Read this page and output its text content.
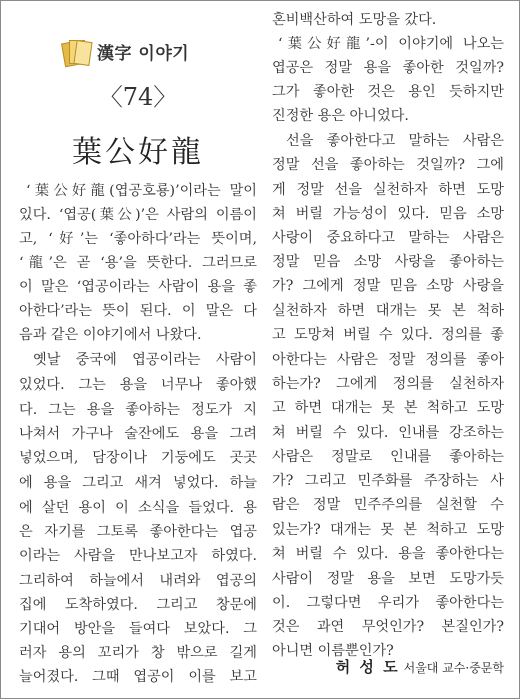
漢字 이야기
〈74〉
葉公好龍
‘葉公好龍(엽공호룡)’이라는 말이
있다. ‘엽공(葉公)’은 사람의 이름이
고, ‘好’는 ‘좋아하다’라는 뜻이며,
‘龍’은 곧 ‘용’을 뜻한다. 그러므로
이 말은 ‘엽공이라는 사람이 용을 좋
아한다’라는 뜻이 된다. 이 말은 다
음과 같은 이야기에서 나왔다.
옛날 중국에 엽공이라는 사람이
있었다. 그는 용을 너무나 좋아했
다. 그는 용을 좋아하는 정도가 지
나쳐서 가구나 술잔에도 용을 그려
넣었으며, 담장이나 기둥에도 곳곳
에 용을 그리고 새겨 넣었다. 하늘
에 살던 용이 이 소식을 들었다. 용
은 자기를 그토록 좋아한다는 엽공
이라는 사람을 만나보고자 하였다.
그리하여 하늘에서 내려와 엽공의
집에 도착하였다. 그리고 창문에
기대어 방안을 들여다 보았다. 그
러자 용의 꼬리가 창 밖으로 길게
늘어졌다. 그때 엽공이 이를 보고
혼비백산하여 도망을 갔다.
‘葉公好龍’-이 이야기에 나오는
엽공은 정말 용을 좋아한 것일까?
그가 좋아한 것은 용인 듯하지만
진정한 용은 아니었다.
선을 좋아한다고 말하는 사람은
정말 선을 좋아하는 것일까? 그에
게 정말 선을 실천하자 하면 도망
쳐 버릴 가능성이 있다. 믿음 소망
사랑이 중요하다고 말하는 사람은
정말 믿음 소망 사랑을 좋아하는
가? 그에게 정말 믿음 소망 사랑을
실천하자 하면 대개는 못 본 척하
고 도망쳐 버릴 수 있다. 정의를 좋
아한다는 사람은 정말 정의를 좋아
하는가? 그에게 정의를 실천하자
고 하면 대개는 못 본 척하고 도망
쳐 버릴 수 있다. 인내를 강조하는
사람은 정말로 인내를 좋아하는
가? 그리고 민주화를 주장하는 사
람은 정말 민주주의를 실천할 수
있는가? 대개는 못 본 척하고 도망
쳐 버릴 수 있다. 용을 좋아한다는
사람이 정말 용을 보면 도망가듯
이. 그렇다면 우리가 좋아한다는
것은 과연 무엇인가? 본질인가?
아니면 이름뿐인가?
허 성 도 서울대 교수·중문학
